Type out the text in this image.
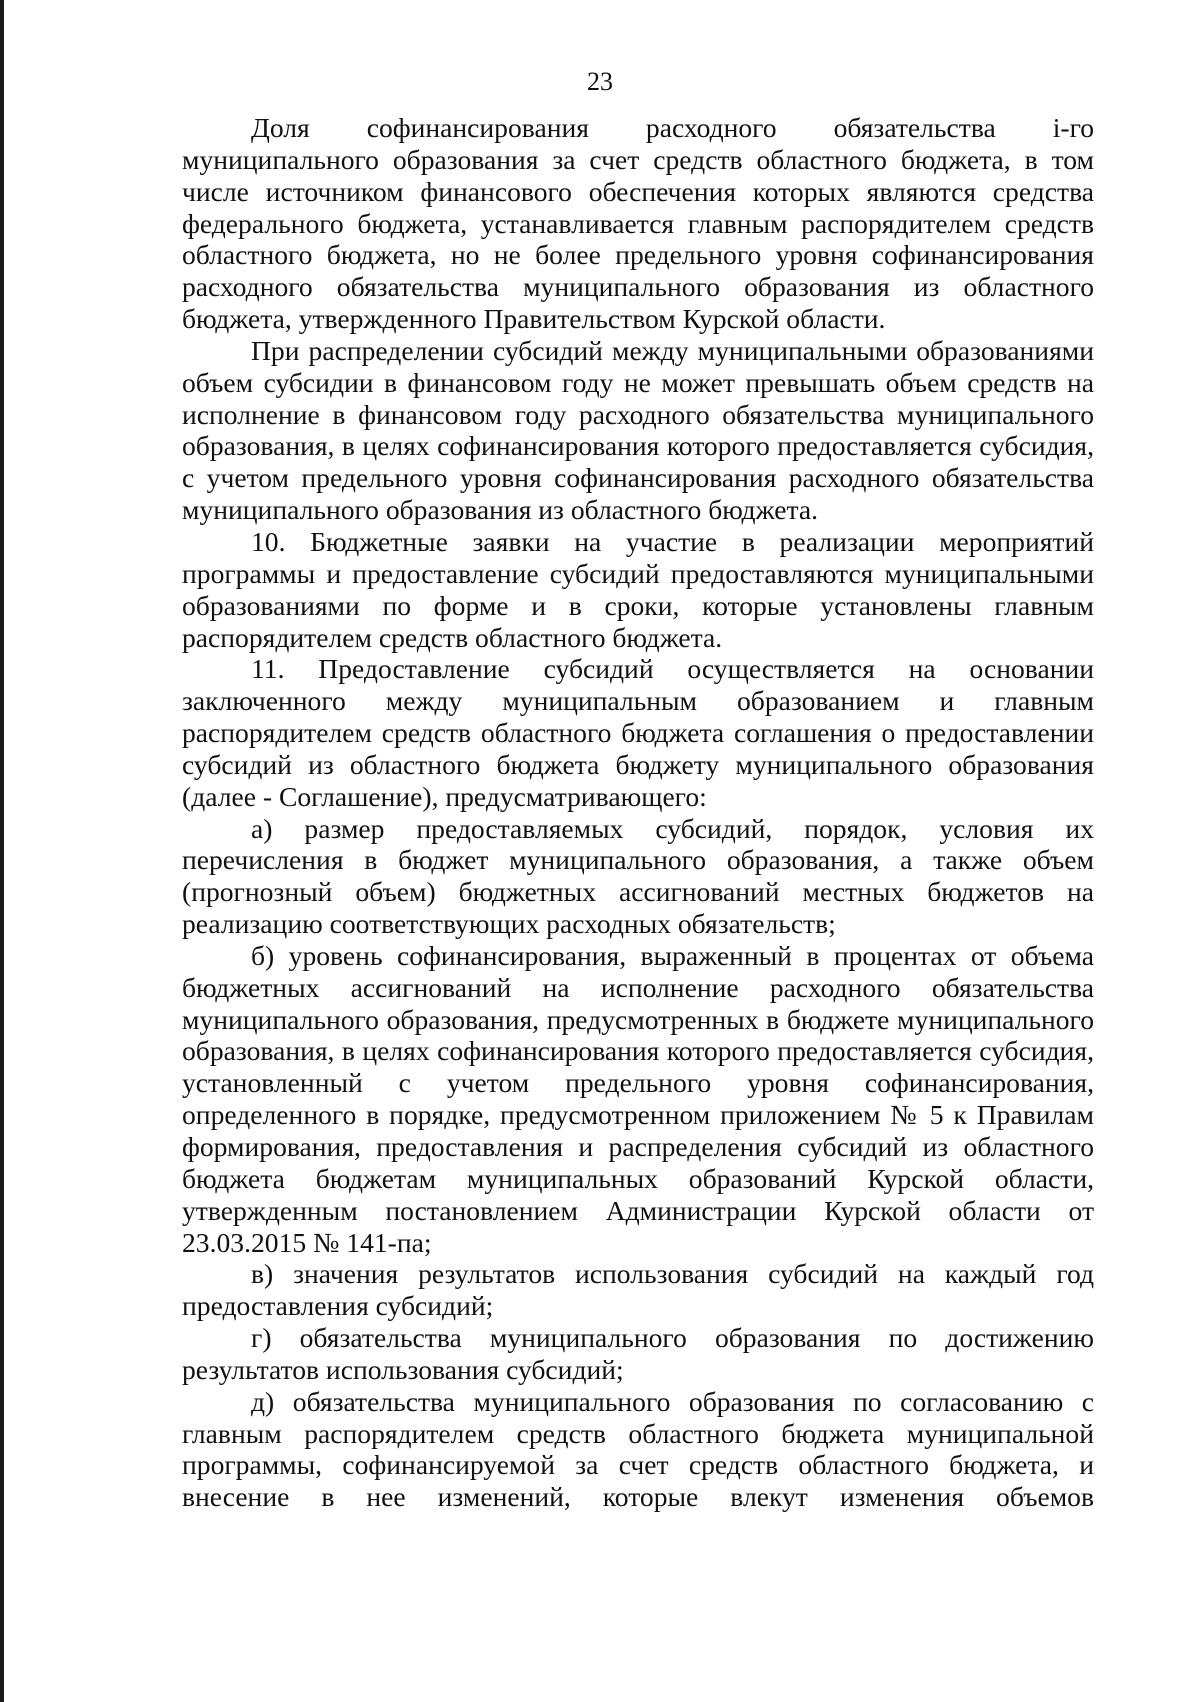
23

Доля софинансирования расходного обязательства i-го муниципального образования за счет средств областного бюджета, в том числе источником финансового обеспечения которых являются средства федерального бюджета, устанавливается главным распорядителем средств областного бюджета, но не более предельного уровня софинансирования расходного обязательства муниципального образования из областного бюджета, утвержденного Правительством Курской области.

При распределении субсидий между муниципальными образованиями объем субсидии в финансовом году не может превышать объем средств на исполнение в финансовом году расходного обязательства муниципального образования, в целях софинансирования которого предоставляется субсидия, с учетом предельного уровня софинансирования расходного обязательства муниципального образования из областного бюджета.

10. Бюджетные заявки на участие в реализации мероприятий программы и предоставление субсидий предоставляются муниципальными образованиями по форме и в сроки, которые установлены главным распорядителем средств областного бюджета.

11. Предоставление субсидий осуществляется на основании заключенного между муниципальным образованием и главным распорядителем средств областного бюджета соглашения о предоставлении субсидий из областного бюджета бюджету муниципального образования (далее - Соглашение), предусматривающего:

а) размер предоставляемых субсидий, порядок, условия их перечисления в бюджет муниципального образования, а также объем (прогнозный объем) бюджетных ассигнований местных бюджетов на реализацию соответствующих расходных обязательств;

б) уровень софинансирования, выраженный в процентах от объема бюджетных ассигнований на исполнение расходного обязательства муниципального образования, предусмотренных в бюджете муниципального образования, в целях софинансирования которого предоставляется субсидия, установленный с учетом предельного уровня софинансирования, определенного в порядке, предусмотренном приложением № 5 к Правилам формирования, предоставления и распределения субсидий из областного бюджета бюджетам муниципальных образований Курской области, утвержденным постановлением Администрации Курской области от 23.03.2015 № 141-па;

в) значения результатов использования субсидий на каждый год предоставления субсидий;

г) обязательства муниципального образования по достижению результатов использования субсидий;

д) обязательства муниципального образования по согласованию с главным распорядителем средств областного бюджета муниципальной программы, софинансируемой за счет средств областного бюджета, и внесение в нее изменений, которые влекут изменения объемов
